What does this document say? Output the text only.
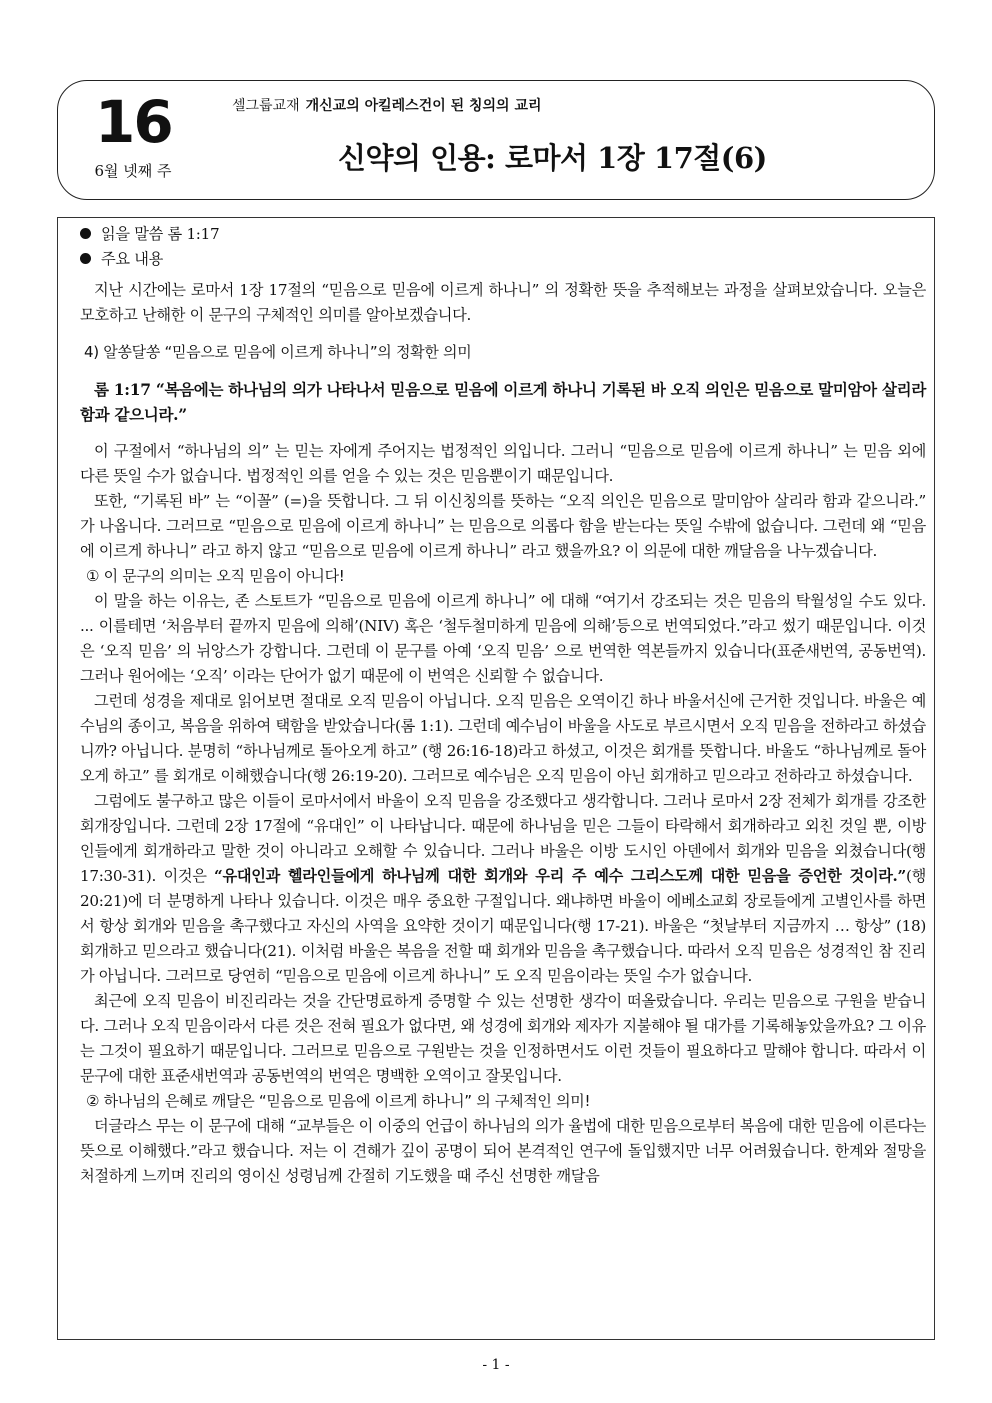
16
6월 넷째 주
셀그룹교재 개신교의 아킬레스건이 된 칭의의 교리
신약의 인용: 로마서 1장 17절(6)
읽을 말씀 롬 1:17
주요 내용

지난 시간에는 로마서 1장 17절의 “믿음으로 믿음에 이르게 하나니” 의 정확한 뜻을 추적해보는 과정을 살펴보았습니다. 오늘은 모호하고 난해한 이 문구의 구체적인 의미를 알아보겠습니다.

4) 알쏭달쏭 “믿음으로 믿음에 이르게 하나니”의 정확한 의미

롬 1:17 “복음에는 하나님의 의가 나타나서 믿음으로 믿음에 이르게 하나니 기록된 바 오직 의인은 믿음으로 말미암아 살리라 함과 같으니라.”

이 구절에서 “하나님의 의” 는 믿는 자에게 주어지는 법정적인 의입니다. 그러니 “믿음으로 믿음에 이르게 하나니” 는 믿음 외에 다른 뜻일 수가 없습니다. 법정적인 의를 얻을 수 있는 것은 믿음뿐이기 때문입니다.

또한, “기록된 바” 는 “이꼴” (=)을 뜻합니다. 그 뒤 이신칭의를 뜻하는 “오직 의인은 믿음으로 말미암아 살리라 함과 같으니라.” 가 나옵니다. 그러므로 “믿음으로 믿음에 이르게 하나니” 는 믿음으로 의롭다 함을 받는다는 뜻일 수밖에 없습니다. 그런데 왜 “믿음에 이르게 하나니” 라고 하지 않고 “믿음으로 믿음에 이르게 하나니” 라고 했을까요? 이 의문에 대한 깨달음을 나누겠습니다.

① 이 문구의 의미는 오직 믿음이 아니다!

이 말을 하는 이유는, 존 스토트가 “믿음으로 믿음에 이르게 하나니” 에 대해 “여기서 강조되는 것은 믿음의 탁월성일 수도 있다. ... 이를테면 ‘처음부터 끝까지 믿음에 의해’(NIV) 혹은 ‘철두철미하게 믿음에 의해’등으로 번역되었다.”라고 썼기 때문입니다. 이것은 ‘오직 믿음’ 의 뉘앙스가 강합니다. 그런데 이 문구를 아예 ‘오직 믿음’ 으로 번역한 역본들까지 있습니다(표준새번역, 공동번역). 그러나 원어에는 ‘오직’ 이라는 단어가 없기 때문에 이 번역은 신뢰할 수 없습니다.

그런데 성경을 제대로 읽어보면 절대로 오직 믿음이 아닙니다. 오직 믿음은 오역이긴 하나 바울서신에 근거한 것입니다. 바울은 예수님의 종이고, 복음을 위하여 택함을 받았습니다(롬 1:1). 그런데 예수님이 바울을 사도로 부르시면서 오직 믿음을 전하라고 하셨습니까? 아닙니다. 분명히 “하나님께로 돌아오게 하고” (행 26:16-18)라고 하셨고, 이것은 회개를 뜻합니다. 바울도 “하나님께로 돌아오게 하고” 를 회개로 이해했습니다(행 26:19-20). 그러므로 예수님은 오직 믿음이 아닌 회개하고 믿으라고 전하라고 하셨습니다.

그럼에도 불구하고 많은 이들이 로마서에서 바울이 오직 믿음을 강조했다고 생각합니다. 그러나 로마서 2장 전체가 회개를 강조한 회개장입니다. 그런데 2장 17절에 “유대인” 이 나타납니다. 때문에 하나님을 믿은 그들이 타락해서 회개하라고 외친 것일 뿐, 이방인들에게 회개하라고 말한 것이 아니라고 오해할 수 있습니다. 그러나 바울은 이방 도시인 아덴에서 회개와 믿음을 외쳤습니다(행 17:30-31). 이것은 “유대인과 헬라인들에게 하나님께 대한 회개와 우리 주 예수 그리스도께 대한 믿음을 증언한 것이라.”(행 20:21)에 더 분명하게 나타나 있습니다. 이것은 매우 중요한 구절입니다. 왜냐하면 바울이 에베소교회 장로들에게 고별인사를 하면서 항상 회개와 믿음을 촉구했다고 자신의 사역을 요약한 것이기 때문입니다(행 17-21). 바울은 “첫날부터 지금까지 … 항상” (18) 회개하고 믿으라고 했습니다(21). 이처럼 바울은 복음을 전할 때 회개와 믿음을 촉구했습니다. 따라서 오직 믿음은 성경적인 참 진리가 아닙니다. 그러므로 당연히 “믿음으로 믿음에 이르게 하나니” 도 오직 믿음이라는 뜻일 수가 없습니다.

최근에 오직 믿음이 비진리라는 것을 간단명료하게 증명할 수 있는 선명한 생각이 떠올랐습니다. 우리는 믿음으로 구원을 받습니다. 그러나 오직 믿음이라서 다른 것은 전혀 필요가 없다면, 왜 성경에 회개와 제자가 지불해야 될 대가를 기록해놓았을까요? 그 이유는 그것이 필요하기 때문입니다. 그러므로 믿음으로 구원받는 것을 인정하면서도 이런 것들이 필요하다고 말해야 합니다. 따라서 이 문구에 대한 표준새번역과 공동번역의 번역은 명백한 오역이고 잘못입니다.

② 하나님의 은혜로 깨달은 “믿음으로 믿음에 이르게 하나니” 의 구체적인 의미!

더글라스 무는 이 문구에 대해 “교부들은 이 이중의 언급이 하나님의 의가 율법에 대한 믿음으로부터 복음에 대한 믿음에 이른다는 뜻으로 이해했다.”라고 했습니다. 저는 이 견해가 깊이 공명이 되어 본격적인 연구에 돌입했지만 너무 어려웠습니다. 한계와 절망을 처절하게 느끼며 진리의 영이신 성령님께 간절히 기도했을 때 주신 선명한 깨달음

- 1 -
